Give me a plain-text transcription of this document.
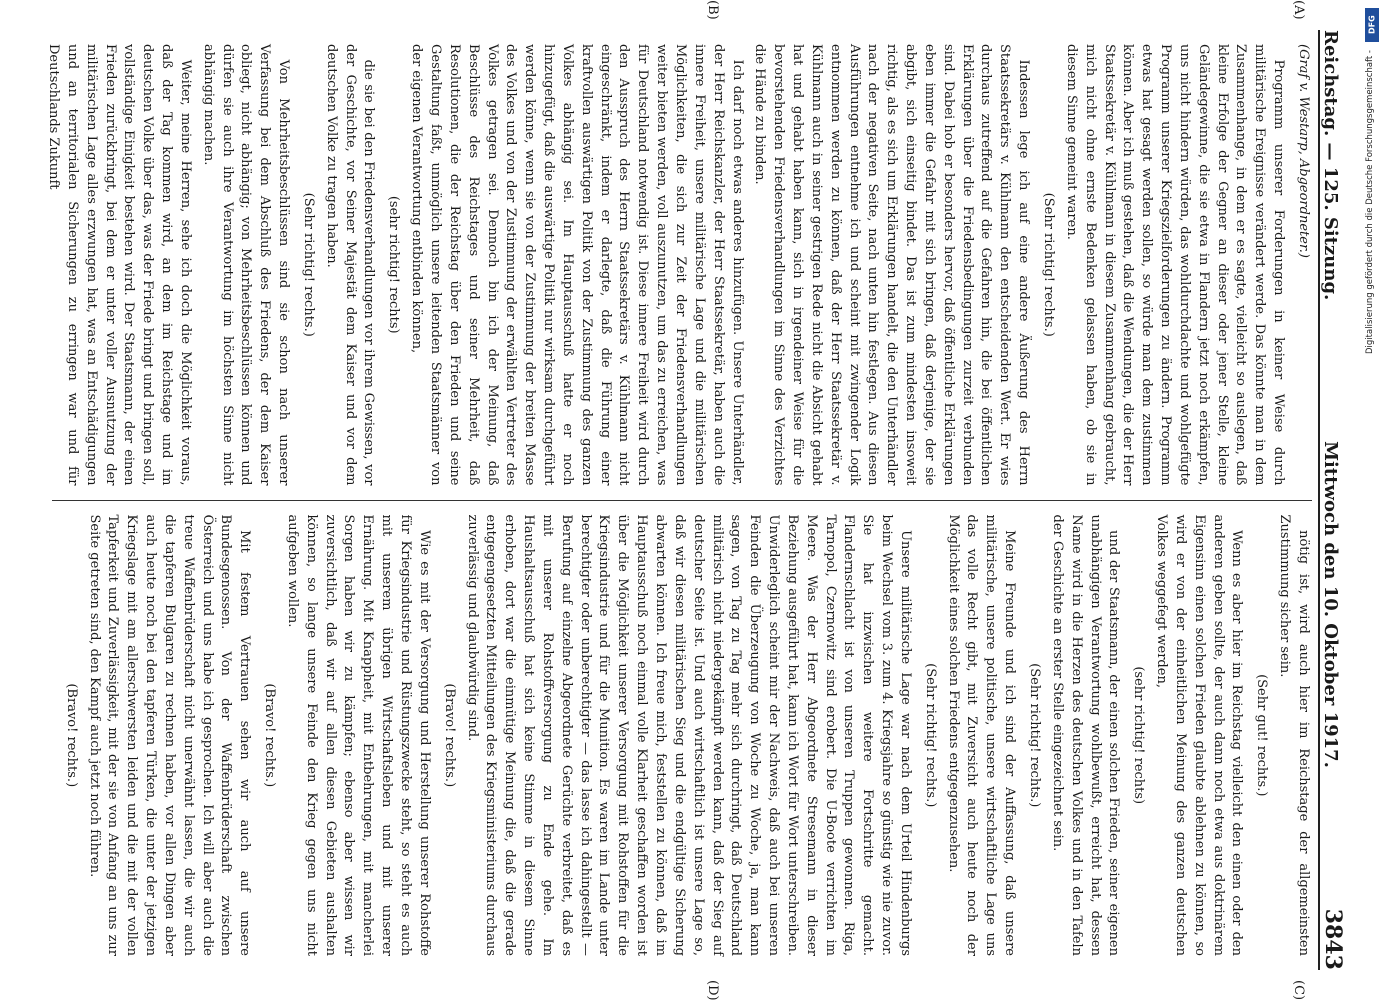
Reichstag. — 125. Sitzung.
Mittwoch den 10. Oktober 1917.
3843
(A)
(B)
(C)
(D)

(Graf v. Westarp, Abgeordneter.)

Programm unserer Forderungen in keiner Weise durch militärische Ereignisse verändert werde. Das könnte man in dem Zusammenhange, in dem er es sagte, vielleicht so auslegen, daß kleine Erfolge der Gegner an dieser oder jener Stelle, kleine Geländegewinne, die sie etwa in Flandern jetzt noch erkämpfen, uns nicht hindern würden, das wohldurchdachte und wohlgefügte Programm unserer Kriegszielforderungen zu ändern. Programm etwas hat gesagt werden sollen, so würde man dem zustimmen können. Aber ich muß gestehen, daß die Wendungen, die der Herr Staatssekretär v. Kühlmann in diesem Zusammenhang gebraucht, mich nicht ohne ernste Bedenken gelassen haben, ob sie in diesem Sinne gemeint waren.

(Sehr richtig! rechts.)

Indessen lege ich auf eine andere Äußerung des Herrn Staatssekretärs v. Kühlmann den entscheidenden Wert. Er wies durchaus zutreffend auf die Gefahren hin, die bei öffentlichen Erklärungen über die Friedensbedingungen zurzeit verbunden sind. Dabei hob er besonders hervor, daß öffentliche Erklärungen eben immer die Gefahr mit sich bringen, daß derjenige, der sie abgibt, sich einseitig bindet. Das ist zum mindesten insoweit richtig, als es sich um Erklärungen handelt, die den Unterhändler nach der negativen Seite, nach unten hin festlegen. Aus diesen Ausführungen entnehme ich und scheint mit zwingender Logik entnommen werden zu können, daß der Herr Staatssekretär v. Kühlmann auch in seiner gestrigen Rede nicht die Absicht gehabt hat und gehabt haben kann, sich in irgendeiner Weise für die bevorstehenden Friedensverhandlungen im Sinne des Verzichtes die Hände zu binden.

Ich darf noch etwas anderes hinzufügen. Unsere Unterhändler, der Herr Reichskanzler, der Herr Staatssekretär, haben auch die innere Freiheit, unsere militärische Lage und die militärischen Möglichkeiten, die sich zur Zeit der Friedensverhandlungen weiter bieten werden, voll auszunutzen, um das zu erreichen, was für Deutschland notwendig ist. Diese innere Freiheit wird durch den Ausspruch des Herrn Staatssekretärs v. Kühlmann nicht eingeschränkt, indem er darlegte, daß die Führung einer kraftvollen auswärtigen Politik von der Zustimmung des ganzen Volkes abhängig sei. Im Hauptausschuß hatte er noch hinzugefügt, daß die auswärtige Politik nur wirksam durchgeführt werden könne, wenn sie von der Zustimmung der breiten Masse des Volkes und von der Zustimmung der erwählten Vertreter des Volkes getragen sei. Dennoch bin ich der Meinung, daß Beschlüsse des Reichstages und seiner Mehrheit, daß Resolutionen, die der Reichstag über den Frieden und seine Gestaltung faßt, unmöglich unsere leitenden Staatsmänner von der eigenen Verantwortung entbinden können,

(sehr richtig! rechts)

die sie bei den Friedensverhandlungen vor ihrem Gewissen, vor der Geschichte, vor Seiner Majestät dem Kaiser und vor dem deutschen Volke zu tragen haben.

(Sehr richtig! rechts.)

Von Mehrheitsbeschlüssen sind sie schon nach unserer Verfassung bei dem Abschluß des Friedens, der dem Kaiser obliegt, nicht abhängig; von Mehrheitsbeschlüssen können und dürfen sie auch ihre Verantwortung im höchsten Sinne nicht abhängig machen.

Weiter, meine Herren, sehe ich doch die Möglichkeit voraus, daß der Tag kommen wird, an dem im Reichstage und im deutschen Volke über das, was der Friede bringt und bringen soll, vollständige Einigkeit bestehen wird. Der Staatsmann, der einen Frieden zurückbringt, bei dem er unter voller Ausnutzung der militärischen Lage alles erzwungen hat, was an Entschädigungen und an territorialen Sicherungen zu erringen war und für Deutschlands Zukunft

nötig ist, wird auch hier im Reichstage der allgemeinsten Zustimmung sicher sein.

(Sehr gut! rechts.)

Wenn es aber hier im Reichstag vielleicht den einen oder den anderen geben sollte, der auch dann noch etwa aus doktrinärem Eigensinn einen solchen Frieden glaubte ablehnen zu können, so wird er von der einheitlichen Meinung des ganzen deutschen Volkes weggefegt werden,

(sehr richtig! rechts)

und der Staatsmann, der einen solchen Frieden, seiner eigenen unabhängigen Verantwortung wohlbewußt, erreicht hat, dessen Name wird in die Herzen des deutschen Volkes und in den Tafeln der Geschichte an erster Stelle eingezeichnet sein.

(Sehr richtig! rechts.)

Meine Freunde und ich sind der Auffassung, daß unsere militärische, unsere politische, unsere wirtschaftliche Lage uns das volle Recht gibt, mit Zuversicht auch heute noch der Möglichkeit eines solchen Friedens entgegenzusehen.

(Sehr richtig! rechts.)

Unsere militärische Lage war nach dem Urteil Hindenburgs beim Wechsel vom 3. zum 4. Kriegsjahre so günstig wie nie zuvor. Sie hat inzwischen weitere Fortschritte gemacht. Flandernschlacht ist von unseren Truppen gewonnen. Riga, Tarnopol, Czernowitz sind erobert. Die U-Boote verrichten im Meere. Was der Herr Abgeordnete Stresemann in dieser Beziehung ausgeführt hat, kann ich Wort für Wort unterschreiben. Unwiderleglich scheint mir der Nachweis, daß auch bei unseren Feinden die Überzeugung von Woche zu Woche, ja, man kann sagen, von Tag zu Tag mehr sich durchringt, daß Deutschland militärisch nicht niedergekämpft werden kann, daß der Sieg auf deutscher Seite ist. Und auch wirtschaftlich ist unsere Lage so, daß wir diesen militärischen Sieg und die endgültige Sicherung abwarten können. Ich freue mich, feststellen zu können, daß im Hauptausschuß noch einmal volle Klarheit geschaffen worden ist über die Möglichkeit unserer Versorgung mit Rohstoffen für die Kriegsindustrie und für die Munition. Es waren im Lande unter berechtigter oder unberechtigter — das lasse ich dahingestellt — Berufung auf einzelne Abgeordnete Gerüchte verbreitet, daß es mit unserer Rohstoffversorgung zu Ende gehe. Im Haushaltsausschuß hat sich keine Stimme in diesem Sinne erhoben, dort war die einmütige Meinung die, daß die gerade entgegengesetzten Mitteilungen des Kriegsministeriums durchaus zuverlässig und glaubwürdig sind.

(Bravo! rechts.)

Wie es mit der Versorgung und Herstellung unserer Rohstoffe für Kriegsindustrie und Rüstungszwecke steht, so steht es auch mit unserem übrigen Wirtschaftsleben und mit unserer Ernährung. Mit Knappheit, mit Entbehrungen, mit mancherlei Sorgen haben wir zu kämpfen; ebenso aber wissen wir zuversichtlich, daß wir auf allen diesen Gebieten aushalten können, so lange unsere Feinde den Krieg gegen uns nicht aufgeben wollen.

(Bravo! rechts.)

Mit festem Vertrauen sehen wir auch auf unsere Bundesgenossen. Von der Waffenbrüderschaft zwischen Österreich und uns habe ich gesprochen. Ich will aber auch die treue Waffenbrüderschaft nicht unerwähnt lassen, die wir auch die tapferen Bulgaren zu rechnen haben, vor allen Dingen aber auch heute noch bei den tapferen Türken, die unter der jetzigen Kriegslage mit am allerschwersten leiden und die mit der vollen Tapferkeit und Zuverlässigkeit, mit der sie von Anfang an uns zur Seite getreten sind, den Kampf auch jetzt noch führen.

(Bravo! rechts.)

DFG
Digitalisierung gefördert durch die Deutsche Forschungsgemeinschaft -
